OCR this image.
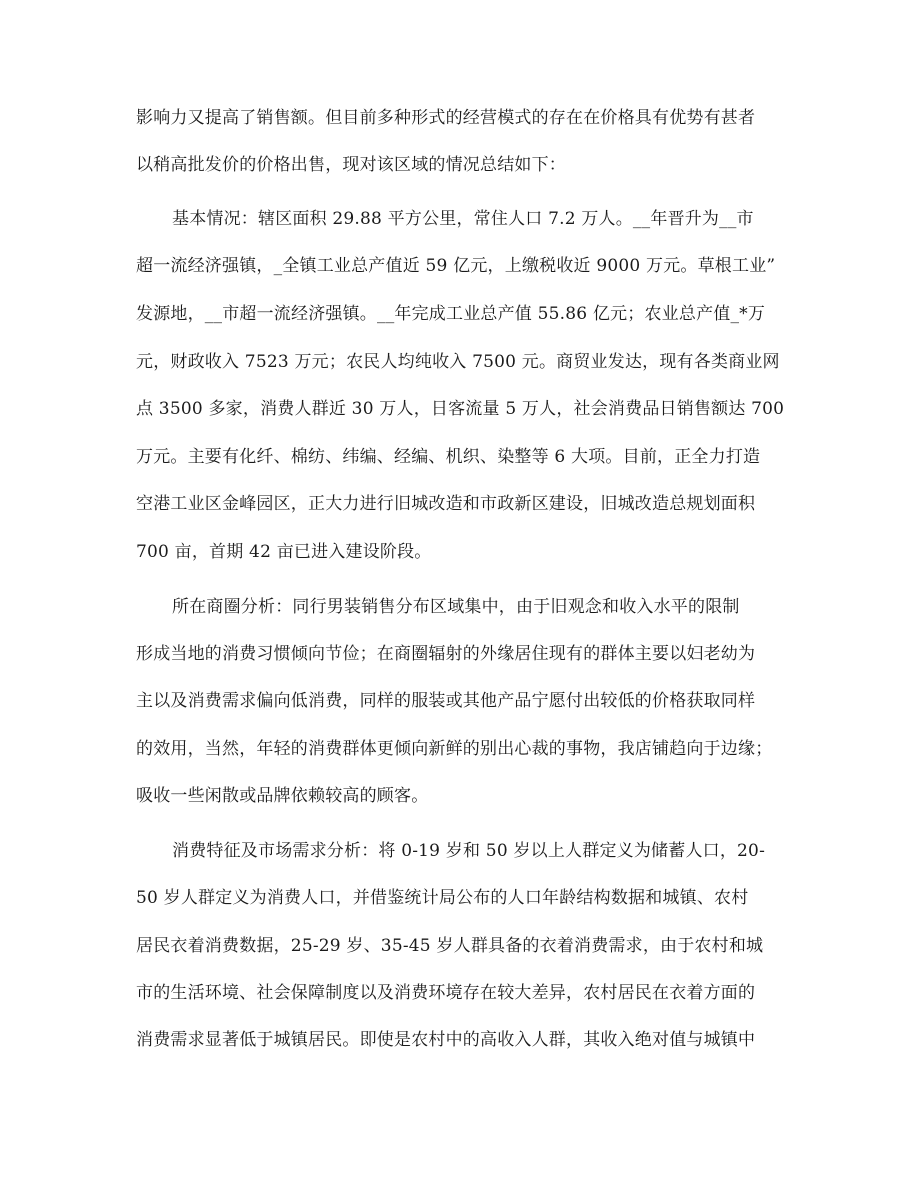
影响力又提高了销售额。但目前多种形式的经营模式的存在在价格具有优势有甚者
以稍高批发价的价格出售，现对该区域的情况总结如下：
基本情况：辖区面积 29.88 平方公里，常住人口 7.2 万人。__年晋升为__市
超一流经济强镇，_全镇工业总产值近 59 亿元，上缴税收近 9000 万元。草根工业”
发源地，__市超一流经济强镇。__年完成工业总产值 55.86 亿元；农业总产值_*万
元，财政收入 7523 万元；农民人均纯收入 7500 元。商贸业发达，现有各类商业网
点 3500 多家，消费人群近 30 万人，日客流量 5 万人，社会消费品日销售额达 700
万元。主要有化纤、棉纺、纬编、经编、机织、染整等 6 大项。目前，正全力打造
空港工业区金峰园区，正大力进行旧城改造和市政新区建设，旧城改造总规划面积
700 亩，首期 42 亩已进入建设阶段。
所在商圈分析：同行男装销售分布区域集中，由于旧观念和收入水平的限制
形成当地的消费习惯倾向节俭；在商圈辐射的外缘居住现有的群体主要以妇老幼为
主以及消费需求偏向低消费，同样的服装或其他产品宁愿付出较低的价格获取同样
的效用，当然，年轻的消费群体更倾向新鲜的别出心裁的事物，我店铺趋向于边缘；
吸收一些闲散或品牌依赖较高的顾客。
消费特征及市场需求分析：将 0-19 岁和 50 岁以上人群定义为储蓄人口，20-
50 岁人群定义为消费人口，并借鉴统计局公布的人口年龄结构数据和城镇、农村
居民衣着消费数据，25-29 岁、35-45 岁人群具备的衣着消费需求，由于农村和城
市的生活环境、社会保障制度以及消费环境存在较大差异，农村居民在衣着方面的
消费需求显著低于城镇居民。即使是农村中的高收入人群，其收入绝对值与城镇中
